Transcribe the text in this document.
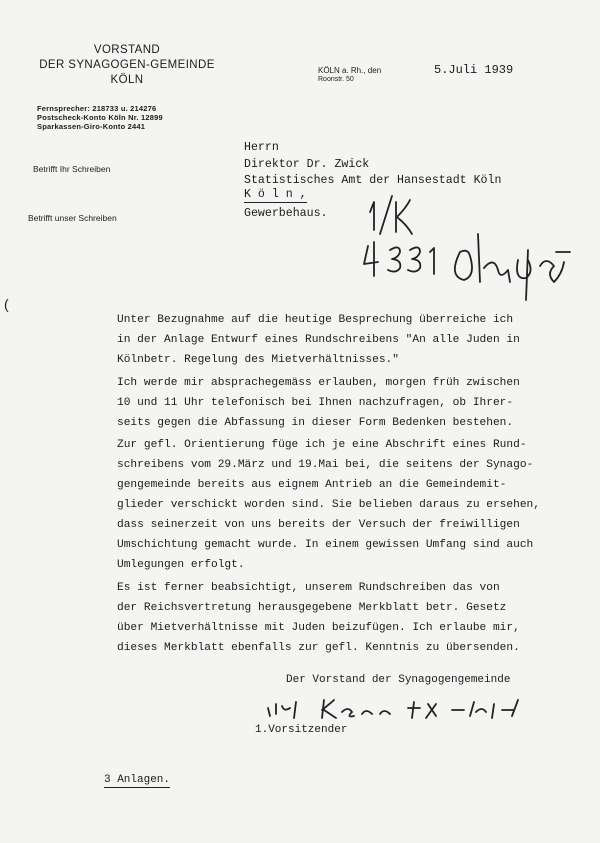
VORSTAND
DER SYNAGOGEN-GEMEINDE
KÖLN
Fernsprecher: 218733 u. 214276
Postscheck-Konto Köln Nr. 12899
Sparkassen-Giro-Konto 2441
KÖLN a. Rh., den
Roonstr. 50
5.Juli 1939
Betrifft Ihr Schreiben
Betrifft unser Schreiben
(
Herrn
Direktor Dr. Zwick
Statistisches Amt der Hansestadt Köln
K ö l n ,
Gewerbehaus.
Unter Bezugnahme auf die heutige Besprechung überreiche ich
in der Anlage Entwurf eines Rundschreibens "An alle Juden in
Kölnbetr. Regelung des Mietverhältnisses."
Ich werde mir absprachegemäss erlauben, morgen früh zwischen
10 und 11 Uhr telefonisch bei Ihnen nachzufragen, ob Ihrer-
seits gegen die Abfassung in dieser Form Bedenken bestehen.
Zur gefl. Orientierung füge ich je eine Abschrift eines Rund-
schreibens vom 29.März und 19.Mai bei, die seitens der Synago-
gengemeinde bereits aus eignem Antrieb an die Gemeindemit-
glieder verschickt worden sind. Sie belieben daraus zu ersehen,
dass seinerzeit von uns bereits der Versuch der freiwilligen
Umschichtung gemacht wurde. In einem gewissen Umfang sind auch
Umlegungen erfolgt.
Es ist ferner beabsichtigt, unserem Rundschreiben das von
der Reichsvertretung herausgegebene Merkblatt betr. Gesetz
über Mietverhältnisse mit Juden beizufügen. Ich erlaube mir,
dieses Merkblatt ebenfalls zur gefl. Kenntnis zu übersenden.
Der Vorstand der Synagogengemeinde
1.Vorsitzender
3 Anlagen.
